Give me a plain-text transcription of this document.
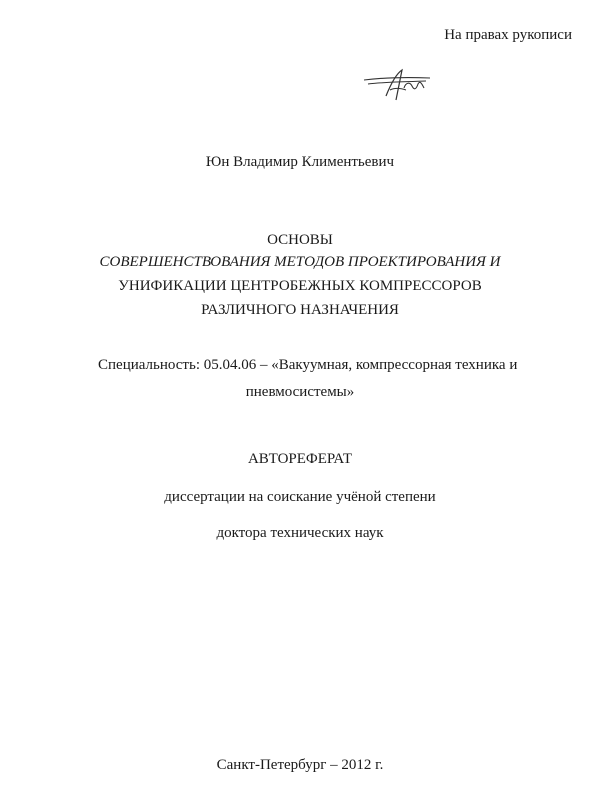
На правах рукописи
Юн Владимир Климентьевич
ОСНОВЫ
СОВЕРШЕНСТВОВАНИЯ МЕТОДОВ ПРОЕКТИРОВАНИЯ И
УНИФИКАЦИИ ЦЕНТРОБЕЖНЫХ КОМПРЕССОРОВ
РАЗЛИЧНОГО НАЗНАЧЕНИЯ
Специальность: 05.04.06 – «Вакуумная, компрессорная техника и
пневмосистемы»
АВТОРЕФЕРАТ
диссертации на соискание учёной степени
доктора технических наук
Санкт-Петербург – 2012 г.
